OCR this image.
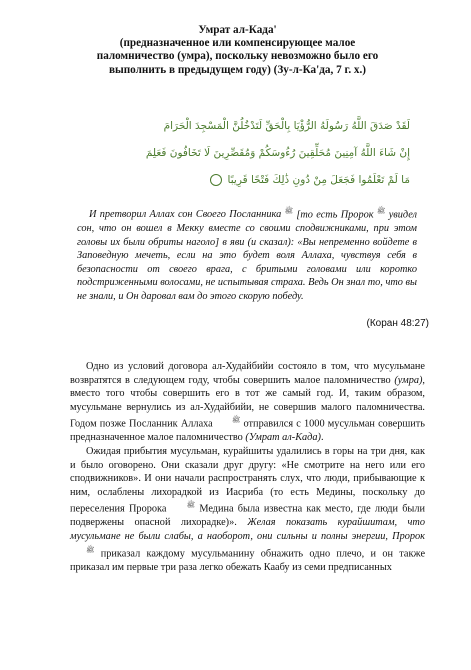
Умрат ал-Када'
(предназначенное или компенсирующее малое
паломничество (умра), поскольку невозможно было его
выполнить в предыдущем году) (Зу-л-Ка'да, 7 г. х.)
لَقَدْ صَدَقَ اللَّهُ رَسُولَهُ الرُّؤْيَا بِالْحَقِّ لَتَدْخُلُنَّ الْمَسْجِدَ الْحَرَامَ
إِنْ شَاءَ اللَّهُ آمِنِينَ مُحَلِّقِينَ رُءُوسَكُمْ وَمُقَصِّرِينَ لَا تَخَافُونَ فَعَلِمَ
مَا لَمْ تَعْلَمُوا فَجَعَلَ مِنْ دُونِ ذَٰلِكَ فَتْحًا قَرِيبًا
И претворил Аллах сон Своего Посланника ﷺ [то есть Пророк ﷺ увидел сон, что он вошел в Мекку вместе со своими сподвижниками, при этом головы их были обриты наголо] в яви (и сказал): «Вы непременно войдете в Заповедную мечеть, если на это будет воля Аллаха, чувствуя себя в безопасности от своего врага, с бритыми головами или коротко подстриженными волосами, не испытывая страха. Ведь Он знал то, что вы не знали, и Он даровал вам до этого скорую победу.
(Коран 48:27)

Одно из условий договора ал-Худайбийи состояло в том, что мусульмане возвратятся в следующем году, чтобы совершить малое паломничество (умра), вместо того чтобы совершить его в тот же самый год. И, таким образом, мусульмане вернулись из ал-Худайбийи, не совершив малого паломничества. Годом позже Посланник Аллаха	ﷺ отправился с 1000 мусульман совершить предназначенное малое паломничество (Умрат ал-Када).

Ожидая прибытия мусульман, курайшиты удалились в горы на три дня, как и было оговорено. Они сказали друг другу: «Не смотрите на него или его сподвижников». И они начали распространять слух, что люди, прибывающие к ним, ослаблены лихорадкой из Иасриба (то есть Медины, поскольку до переселения Пророка	ﷺ Медина была известна как место, где люди были подвержены опасной лихорадке)». Желая показать курайшитам, что мусульмане не были слабы, а наоборот, они сильны и полны энергии, Пророк ﷺ приказал каждому мусульманину обнажить одно плечо, и он также приказал им первые три раза легко обежать Каабу из семи предписанных
